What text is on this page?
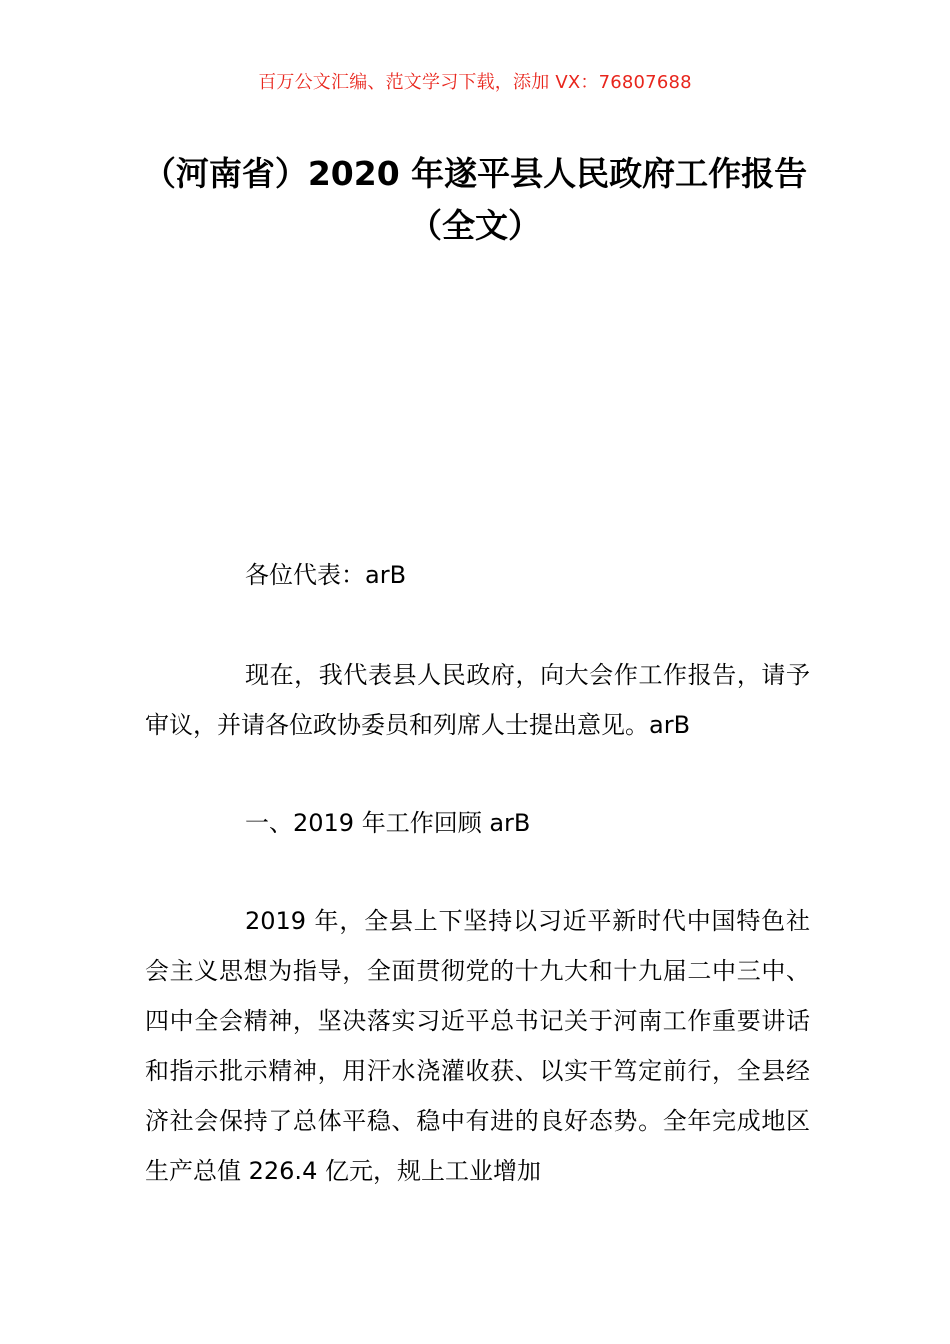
百万公文汇编、范文学习下载，添加 VX：76807688
（河南省）2020 年遂平县人民政府工作报告（全文）

各位代表：arB

现在，我代表县人民政府，向大会作工作报告，请予审议，并请各位政协委员和列席人士提出意见。arB

一、2019 年工作回顾 arB

2019 年，全县上下坚持以习近平新时代中国特色社会主义思想为指导，全面贯彻党的十九大和十九届二中三中、四中全会精神，坚决落实习近平总书记关于河南工作重要讲话和指示批示精神，用汗水浇灌收获、以实干笃定前行，全县经济社会保持了总体平稳、稳中有进的良好态势。全年完成地区生产总值 226.4 亿元，规上工业增加
